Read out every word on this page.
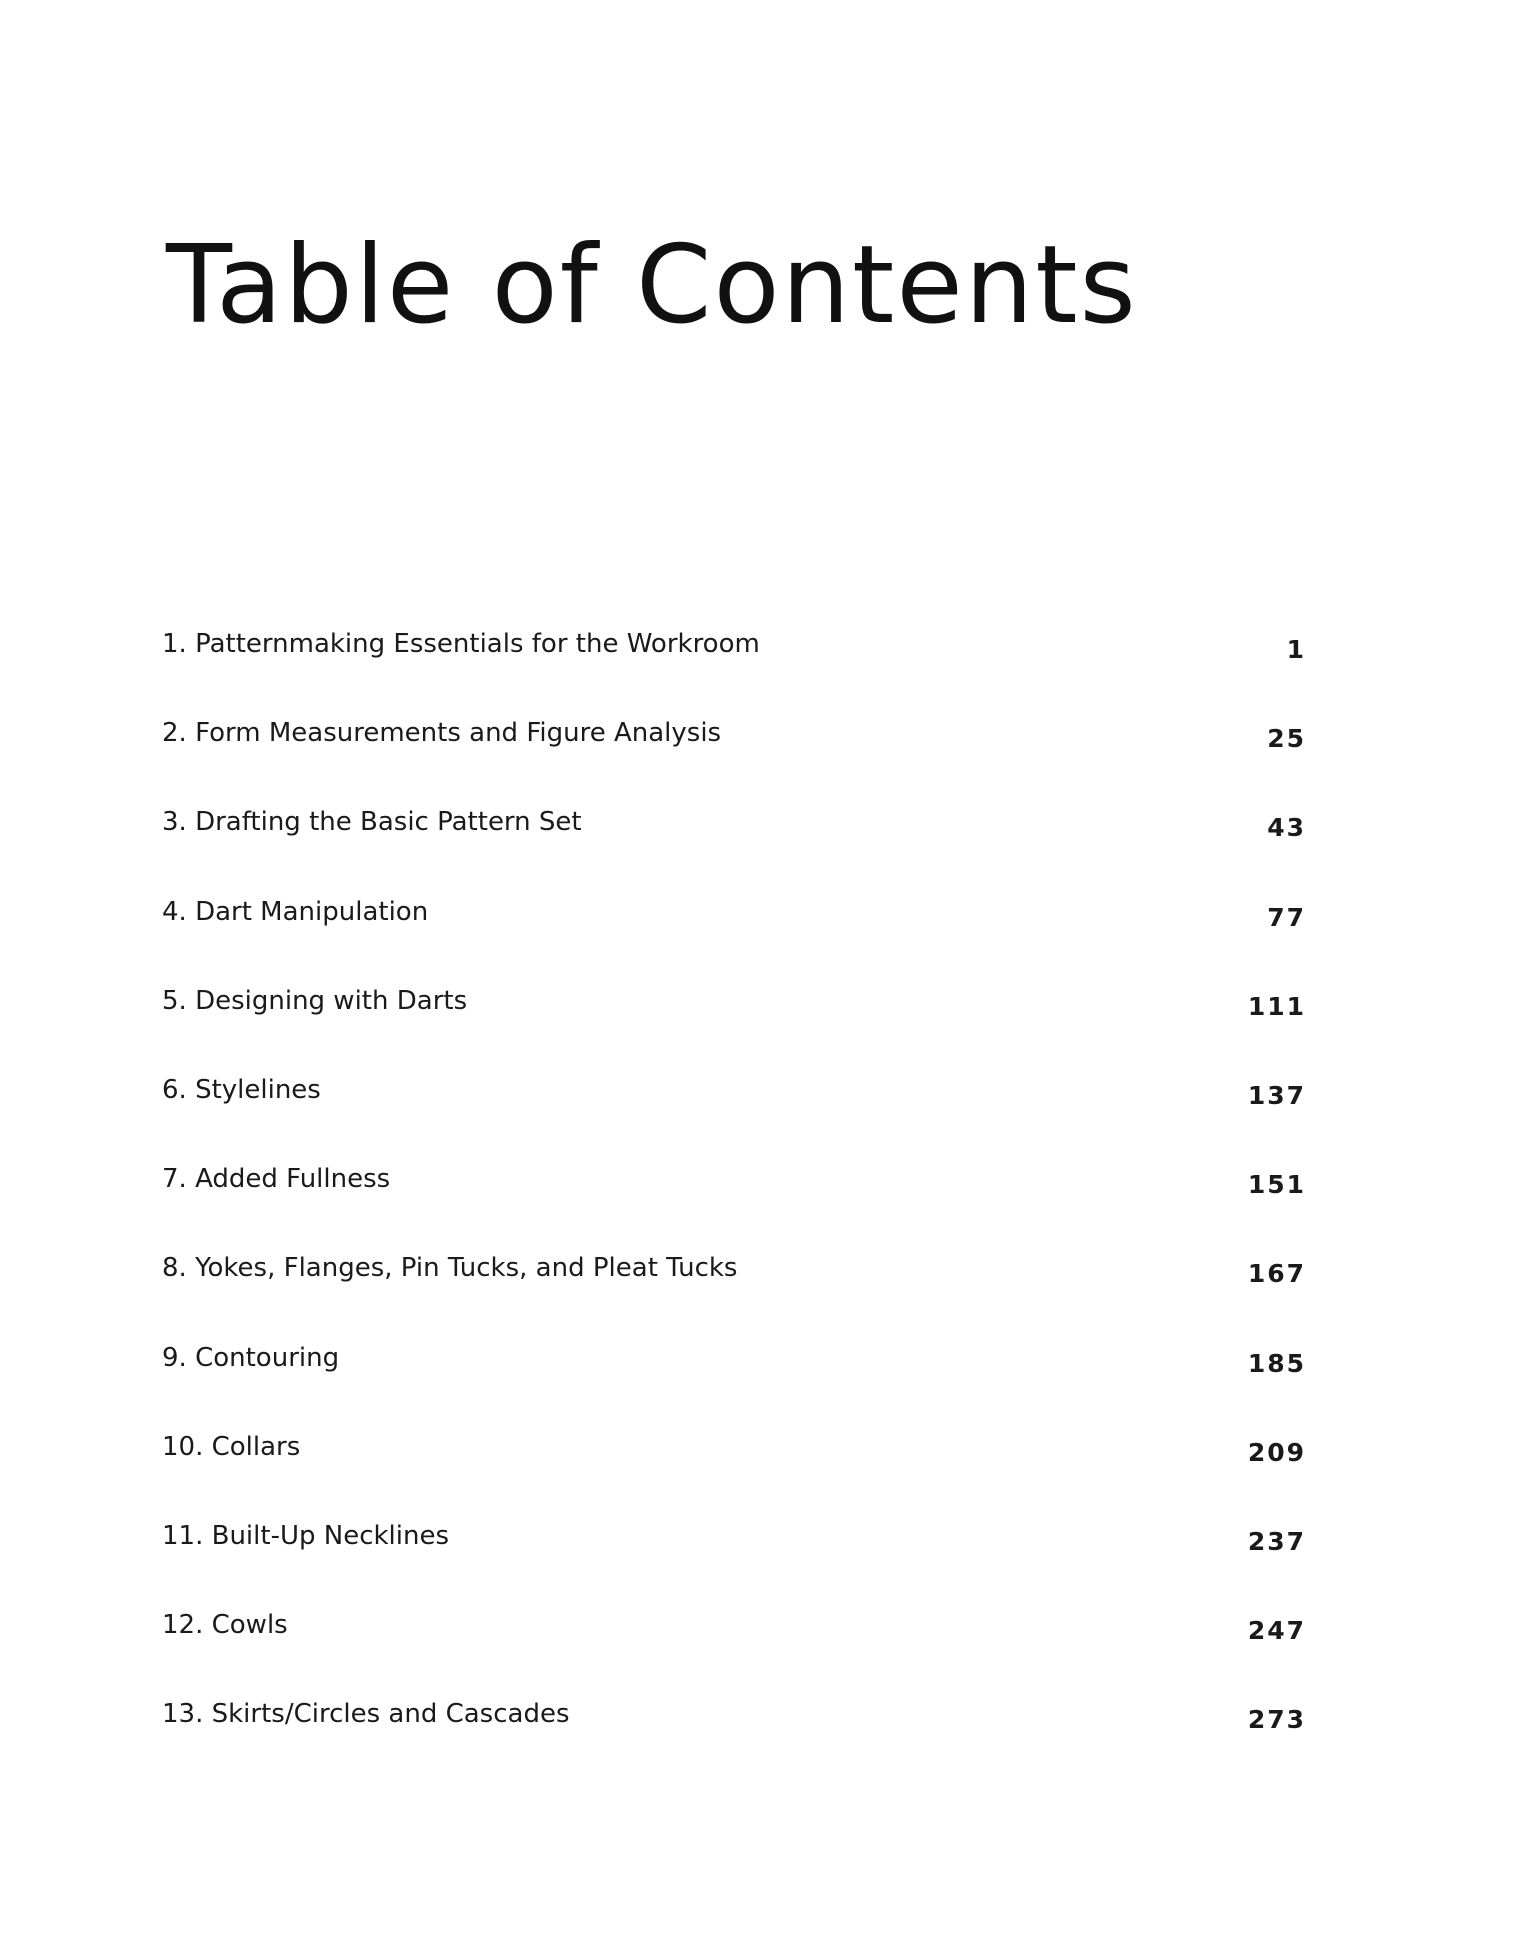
Table of Contents
1. Patternmaking Essentials for the Workroom	1
2. Form Measurements and Figure Analysis	25
3. Drafting the Basic Pattern Set	43
4. Dart Manipulation	77
5. Designing with Darts	111
6. Stylelines	137
7. Added Fullness	151
8. Yokes, Flanges, Pin Tucks, and Pleat Tucks	167
9. Contouring	185
10. Collars	209
11. Built-Up Necklines	237
12. Cowls	247
13. Skirts/Circles and Cascades	273
